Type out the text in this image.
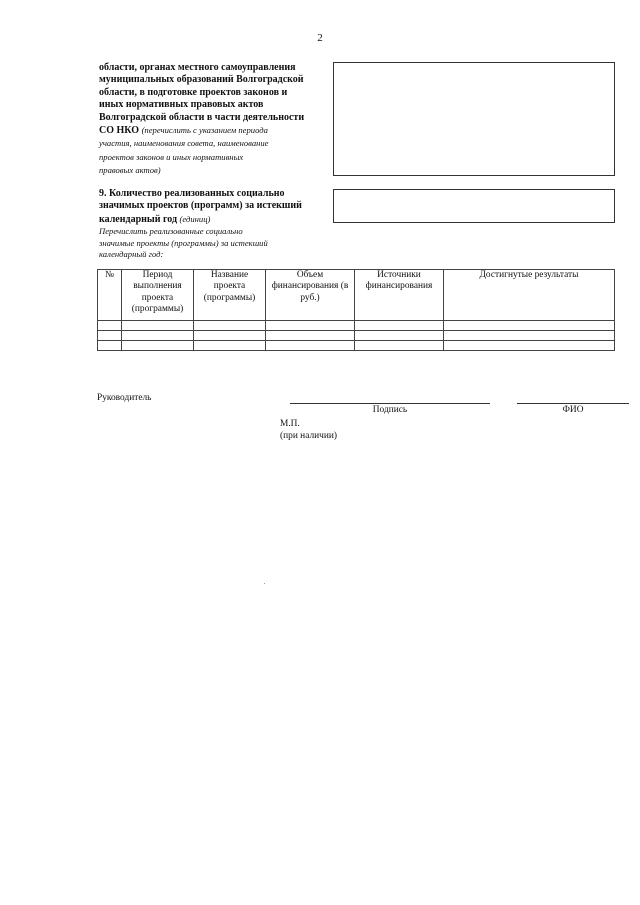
2
области, органах местного самоуправления
муниципальных образований Волгоградской
области, в подготовке проектов законов и
иных нормативных правовых актов
Волгоградской области в части деятельности
СО НКО (перечислить с указанием периода
участия, наименования совета, наименование
проектов законов и иных нормативных
правовых актов)
9. Количество реализованных социально
значимых проектов (программ) за истекший
календарный год (единиц)
Перечислить реализованные социально
значимые проекты (программы) за истекший
календарный год:
№	Период выполнения проекта (программы)	Название проекта (программы)	Объем финансирования (в руб.)	Источники финансирования	Достигнутые результаты

Руководитель
Подпись	ФИО
М.П.
(при наличии)
